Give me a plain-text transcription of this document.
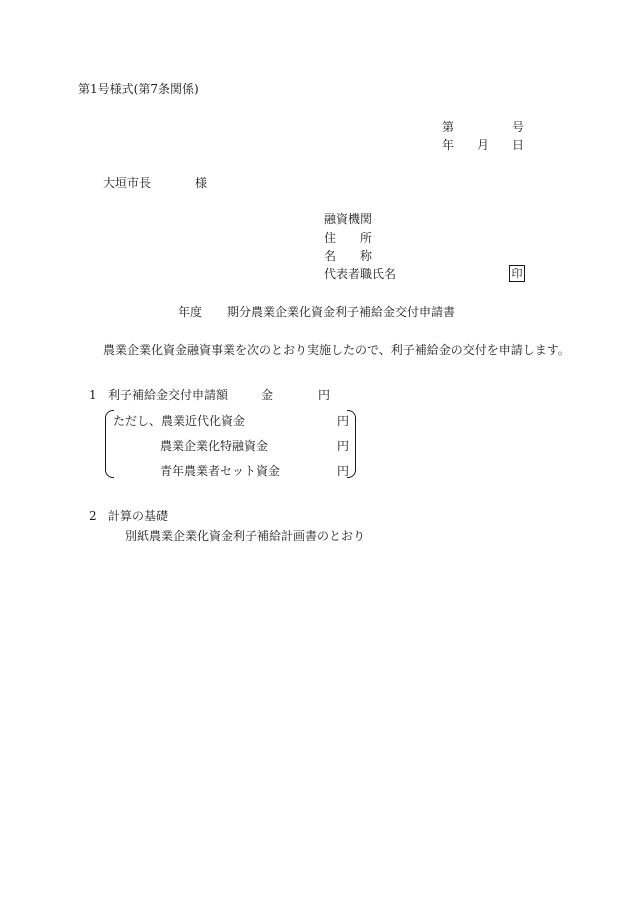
第1号様式(第7条関係)
第	号
年 月 日
大垣市長	様
融資機関
住　　所
名　　称
代表者職氏名	印
年度 期分農業企業化資金利子補給金交付申請書
農業企業化資金融資事業を次のとおり実施したので、利子補給金の交付を申請します。
1 利子補給金交付申請額	金	円
ただし、農業近代化資金	円
農業企業化特融資金	円
青年農業者セット資金	円
2 計算の基礎
別紙農業企業化資金利子補給計画書のとおり
